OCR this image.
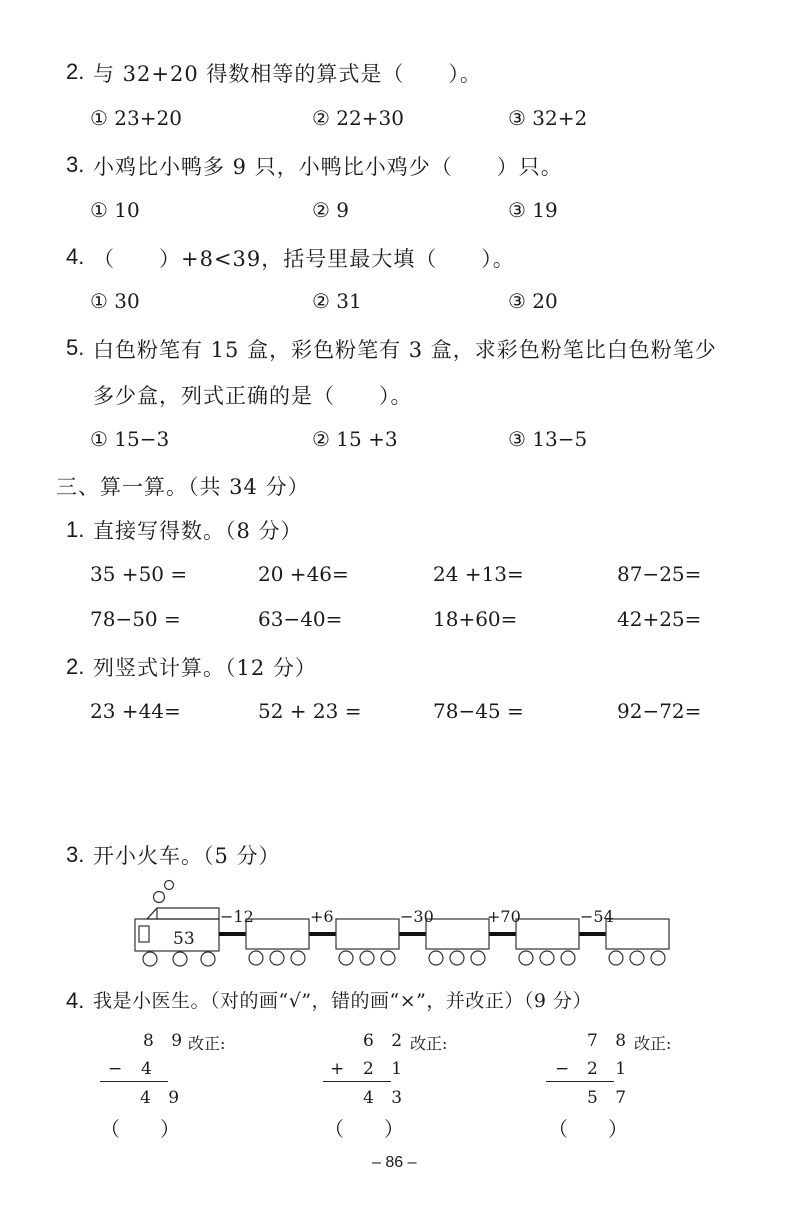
2. 与 32+20 得数相等的算式是（　　）。
① 23+20	② 22+30	③ 32+2
3. 小鸡比小鸭多 9 只，小鸭比小鸡少（　　）只。
① 10	② 9	③ 19
4. （　　）+8<39，括号里最大填（　　）。
① 30	② 31	③ 20
5. 白色粉笔有 15 盒，彩色粉笔有 3 盒，求彩色粉笔比白色粉笔少
多少盒，列式正确的是（　　）。
① 15−3	② 15 +3	③ 13−5
三、算一算。（共 34 分）
1. 直接写得数。（8 分）
35 +50 =	20 +46=	24 +13=	87−25=
78−50 =	63−40=	18+60=	42+25=
2. 列竖式计算。（12 分）
23 +44=	52 + 23 =	78−45 =	92−72=
3. 开小火车。（5 分）
53
−12	+6	−30	+70	−54
4. 我是小医生。（对的画“√”，错的画“×”，并改正）（9 分）
8 9 改正:
− 4
4 9
（　　）
6 2 改正:
+ 2 1
4 3
（　　）
7 8 改正:
− 2 1
5 7
（　　）
– 86 –
